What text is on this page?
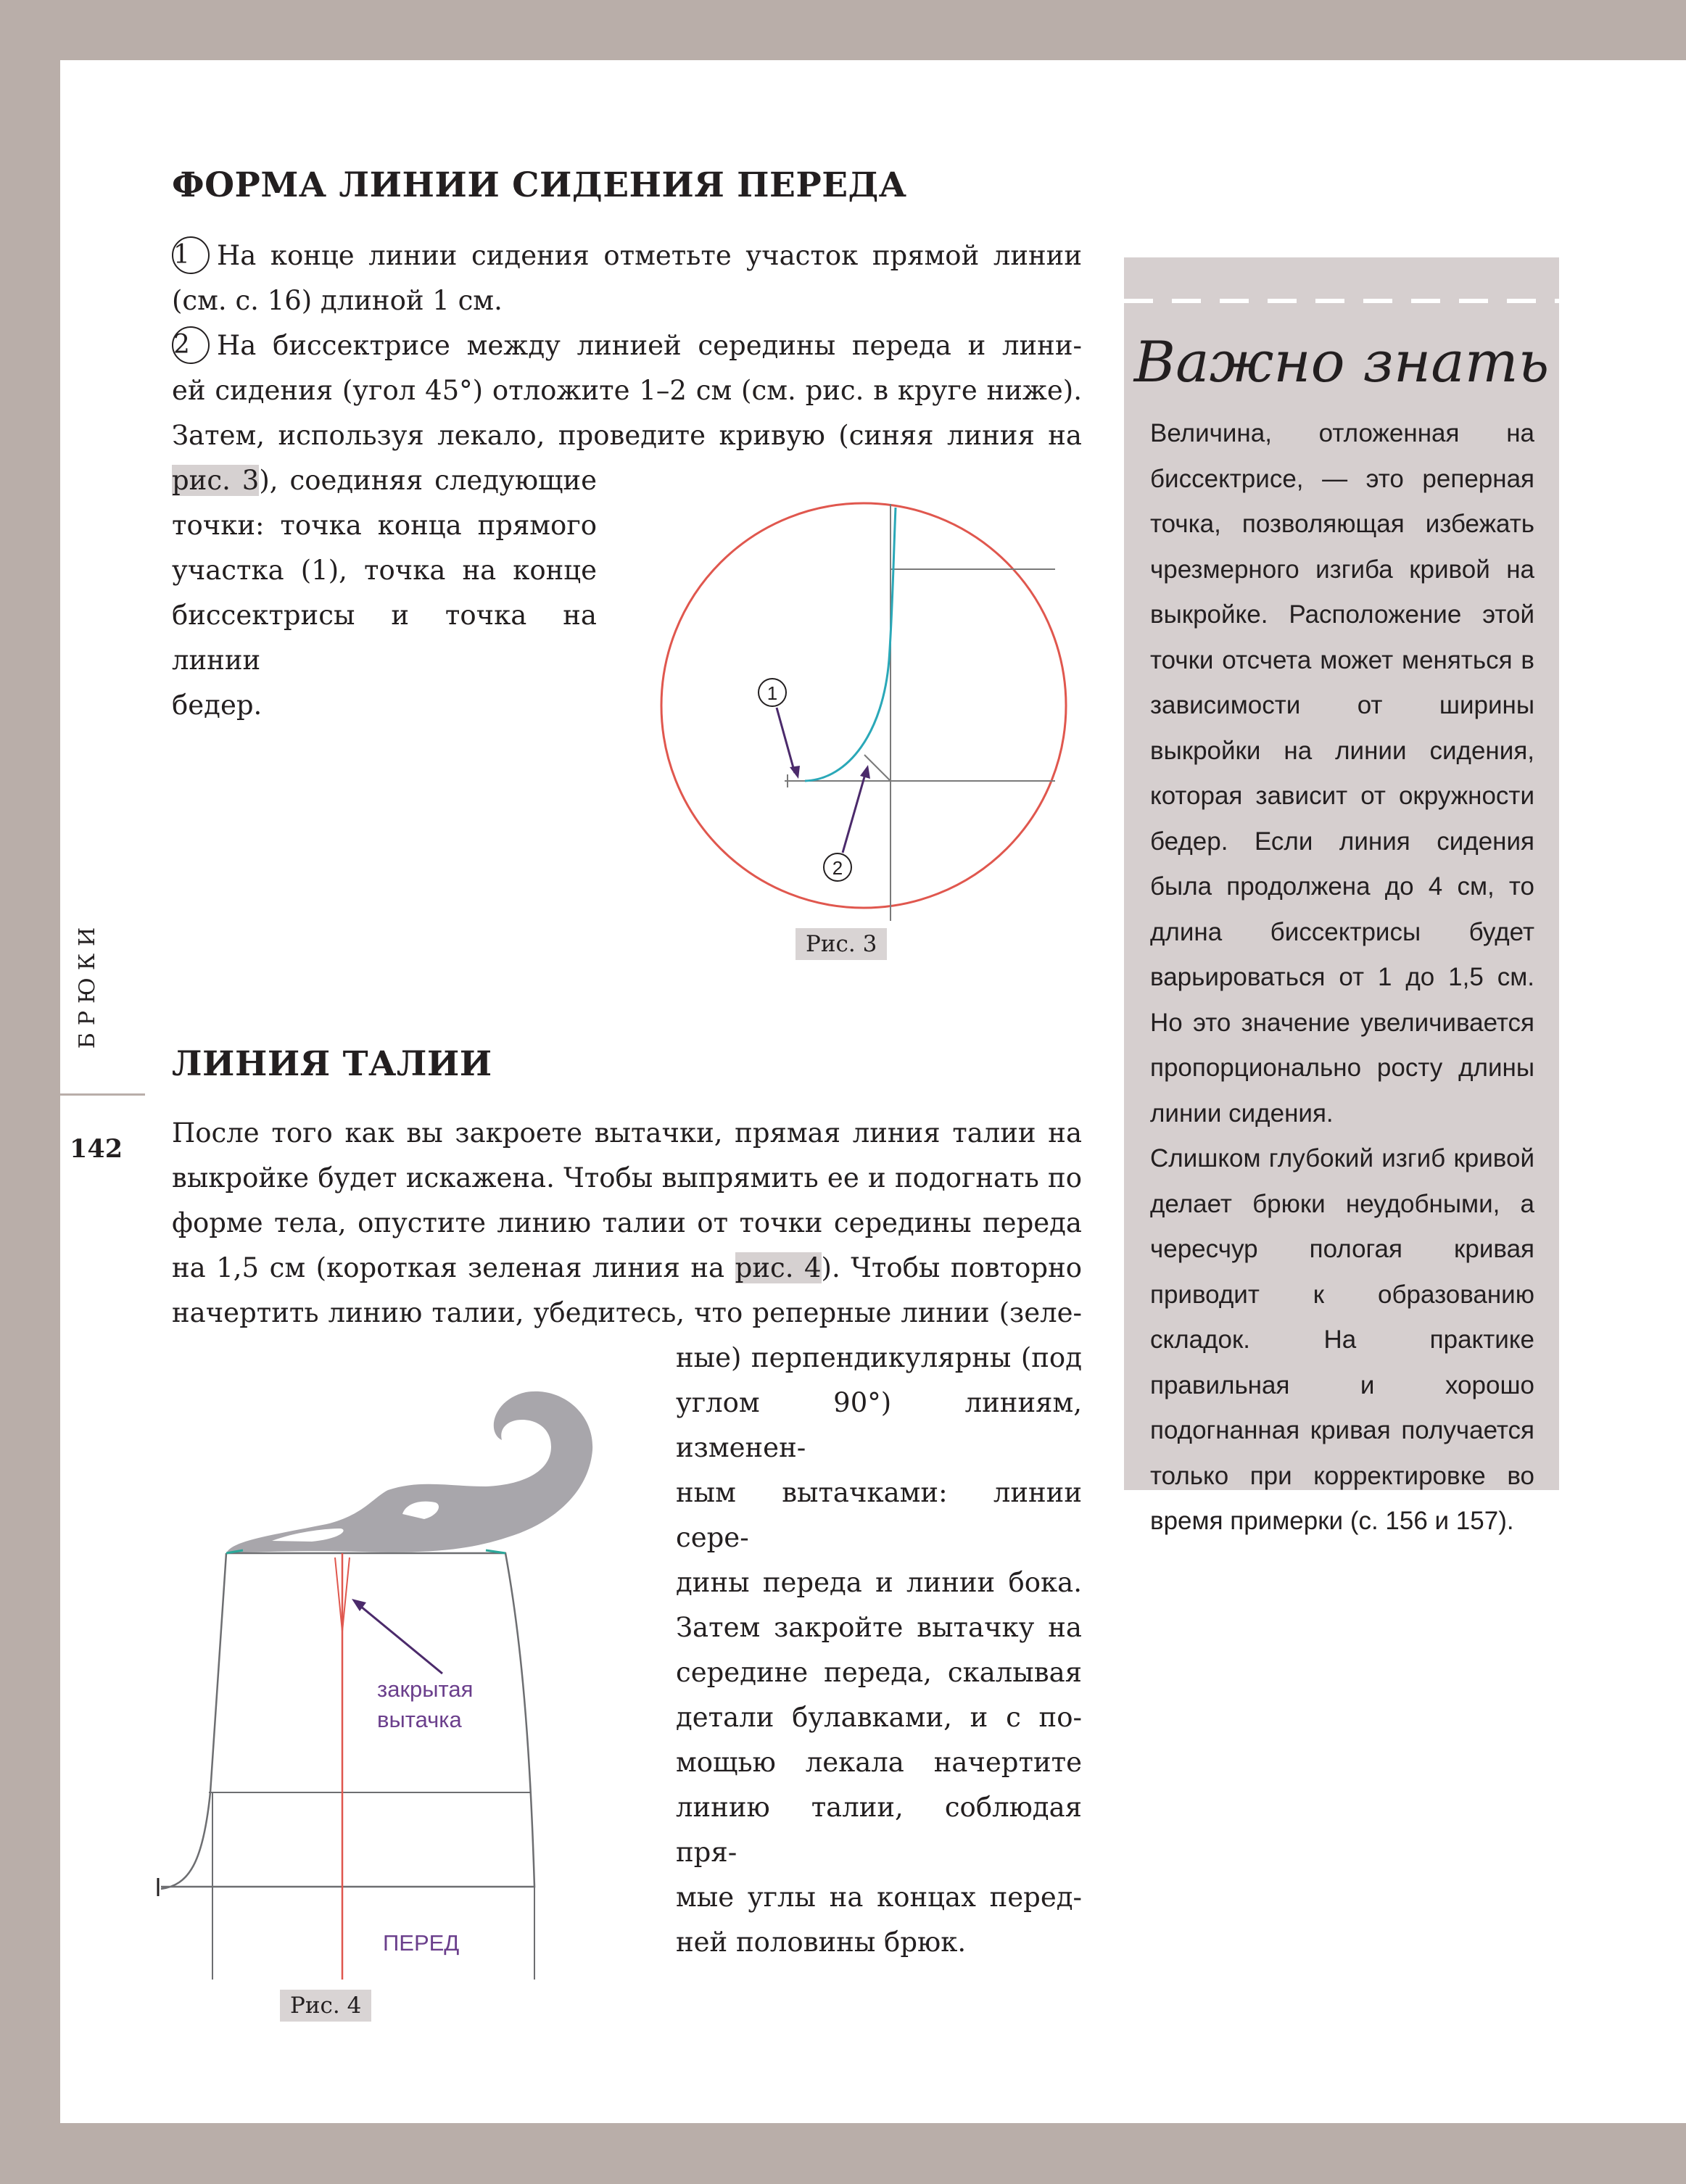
ФОРМА ЛИНИИ СИДЕНИЯ ПЕРЕДА
1 На конце линии сидения отметьте участок прямой линии
(см. с. 16) длиной 1 см.
2 На биссектрисе между линией середины переда и лини-
ей сидения (угол 45°) отложите 1–2 см (см. рис. в круге ниже).
Затем, используя лекало, проведите кривую (синяя линия на
рис. 3), соединяя следующие
точки: точка конца прямого
участка (1), точка на конце
биссектрисы и точка на линии
бедер.	1
2
Рис. 3
БРЮКИ
142
ЛИНИЯ ТАЛИИ
После того как вы закроете вытачки, прямая линия талии на
выкройке будет искажена. Чтобы выпрямить ее и подогнать по
форме тела, опустите линию талии от точки середины переда
на 1,5 см (короткая зеленая линия на рис. 4). Чтобы повторно
начертить линию талии, убедитесь, что реперные линии (зеле-
ные) перпендикулярны (под
углом 90°) линиям, изменен-
ным вытачками: линии сере-
дины переда и линии бока.
Затем закройте вытачку на
середине переда, скалывая
детали булавками, и с по-
мощью лекала начертите
линию талии, соблюдая пря-
мые углы на концах перед-
ней половины брюк.
закрытая
вытачка
ПЕРЕД
Рис. 4
Важно знать

Величина, отложенная на биссектрисе, — это реперная точка, позволяющая избежать чрезмерного изгиба кривой на выкройке. Расположение этой точки отсчета может меняться в зависимости от ширины выкройки на линии сидения, которая зависит от окружности бедер. Если линия сидения была продолжена до 4 см, то длина биссектрисы будет варьироваться от 1 до 1,5 см. Но это значение увеличивается пропорционально росту длины линии сидения.

Слишком глубокий изгиб кривой делает брюки неудобными, а чересчур пологая кривая приводит к образованию складок. На практике правильная и хорошо подогнанная кривая получается только при корректировке во время примерки (с. 156 и 157).
